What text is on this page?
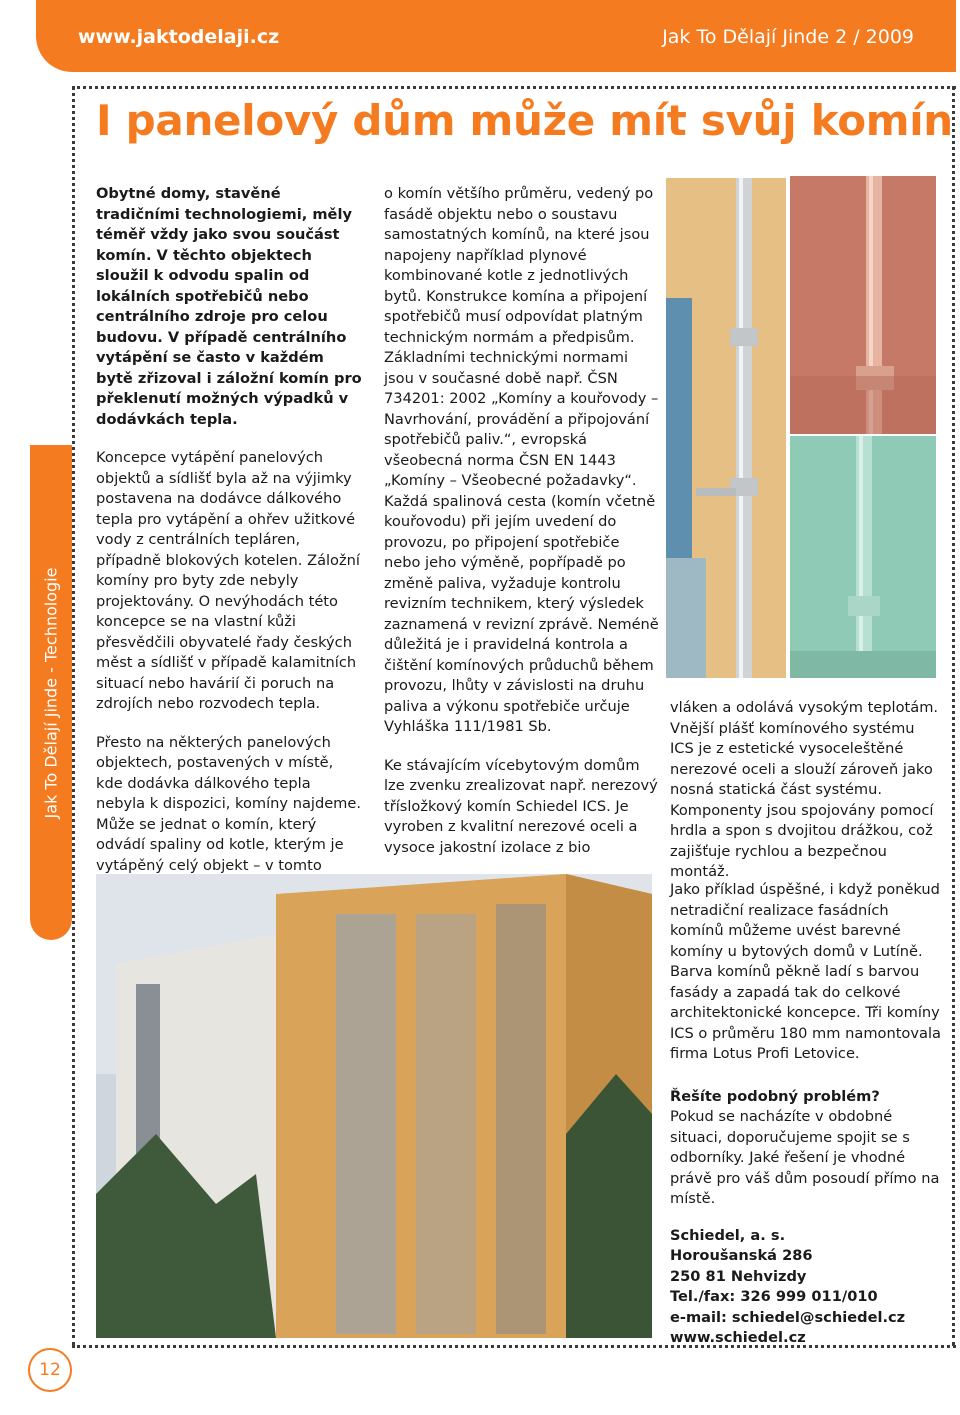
www.jaktodelaji.cz	Jak To Dělají Jinde 2 / 2009
Jak To Dělají Jinde - Technologie
12
I panelový dům může mít svůj komín

Obytné domy, stavěné tradičními technologiemi, měly téměř vždy jako svou součást komín. V těchto objektech sloužil k odvodu spalin od lokálních spotřebičů nebo centrálního zdroje pro celou budovu. V případě centrálního vytápění se často v každém bytě zřizoval i záložní komín pro překlenutí možných výpadků v dodávkách tepla.

Koncepce vytápění panelových objektů a sídlišť byla až na výjimky postavena na dodávce dálkového tepla pro vytápění a ohřev užitkové vody z centrálních tepláren, případně blokových kotelen. Záložní komíny pro byty zde nebyly projektovány. O nevýhodách této koncepce se na vlastní kůži přesvědčili obyvatelé řady českých měst a sídlišť v případě kalamitních situací nebo havárií či poruch na zdrojích nebo rozvodech tepla.

Přesto na některých panelových objektech, postavených v místě, kde dodávka dálkového tepla nebyla k dispozici, komíny najdeme. Může se jednat o komín, který odvádí spaliny od kotle, kterým je vytápěný celý objekt – v tomto

o komín většího průměru, vedený po fasádě objektu nebo o soustavu samostatných komínů, na které jsou napojeny například plynové kombinované kotle z jednotlivých bytů. Konstrukce komína a připojení spotřebičů musí odpovídat platným technickým normám a předpisům. Základními technickými normami jsou v současné době např. ČSN 734201: 2002 „Komíny a kouřovody – Navrhování, provádění a připojování spotřebičů paliv.“, evropská všeobecná norma ČSN EN 1443 „Komíny – Všeobecné požadavky“. Každá spalinová cesta (komín včetně kouřovodu) při jejím uvedení do provozu, po připojení spotřebiče nebo jeho výměně, popřípadě po změně paliva, vyžaduje kontrolu revizním technikem, který výsledek zaznamená v revizní zprávě. Neméně důležitá je i pravidelná kontrola a čištění komínových průduchů během provozu, lhůty v závislosti na druhu paliva a výkonu spotřebiče určuje Vyhláška 111/1981 Sb.

Ke stávajícím vícebytovým domům lze zvenku zrealizovat např. nerezový třísložkový komín Schiedel ICS. Je vyroben z kvalitní nerezové oceli a vysoce jakostní izolace z bio

vláken a odolává vysokým teplotám. Vnější plášť komínového systému ICS je z estetické vysoceleštěné nerezové oceli a slouží zároveň jako nosná statická část systému. Komponenty jsou spojovány pomocí hrdla a spon s dvojitou drážkou, což zajišťuje rychlou a bezpečnou montáž.

Jako příklad úspěšné, i když poněkud netradiční realizace fasádních komínů můžeme uvést barevné komíny u bytových domů v Lutíně. Barva komínů pěkně ladí s barvou fasády a zapadá tak do celkové architektonické koncepce. Tři komíny ICS o průměru 180 mm namontovala firma Lotus Profi Letovice.

Řešíte podobný problém?

Pokud se nacházíte v obdobné situaci, doporučujeme spojit se s odborníky. Jaké řešení je vhodné právě pro váš dům posoudí přímo na místě.

Schiedel, a. s.
Horoušanská 286
250 81 Nehvizdy
Tel./fax: 326 999 011/010
e-mail: schiedel@schiedel.cz
www.schiedel.cz
